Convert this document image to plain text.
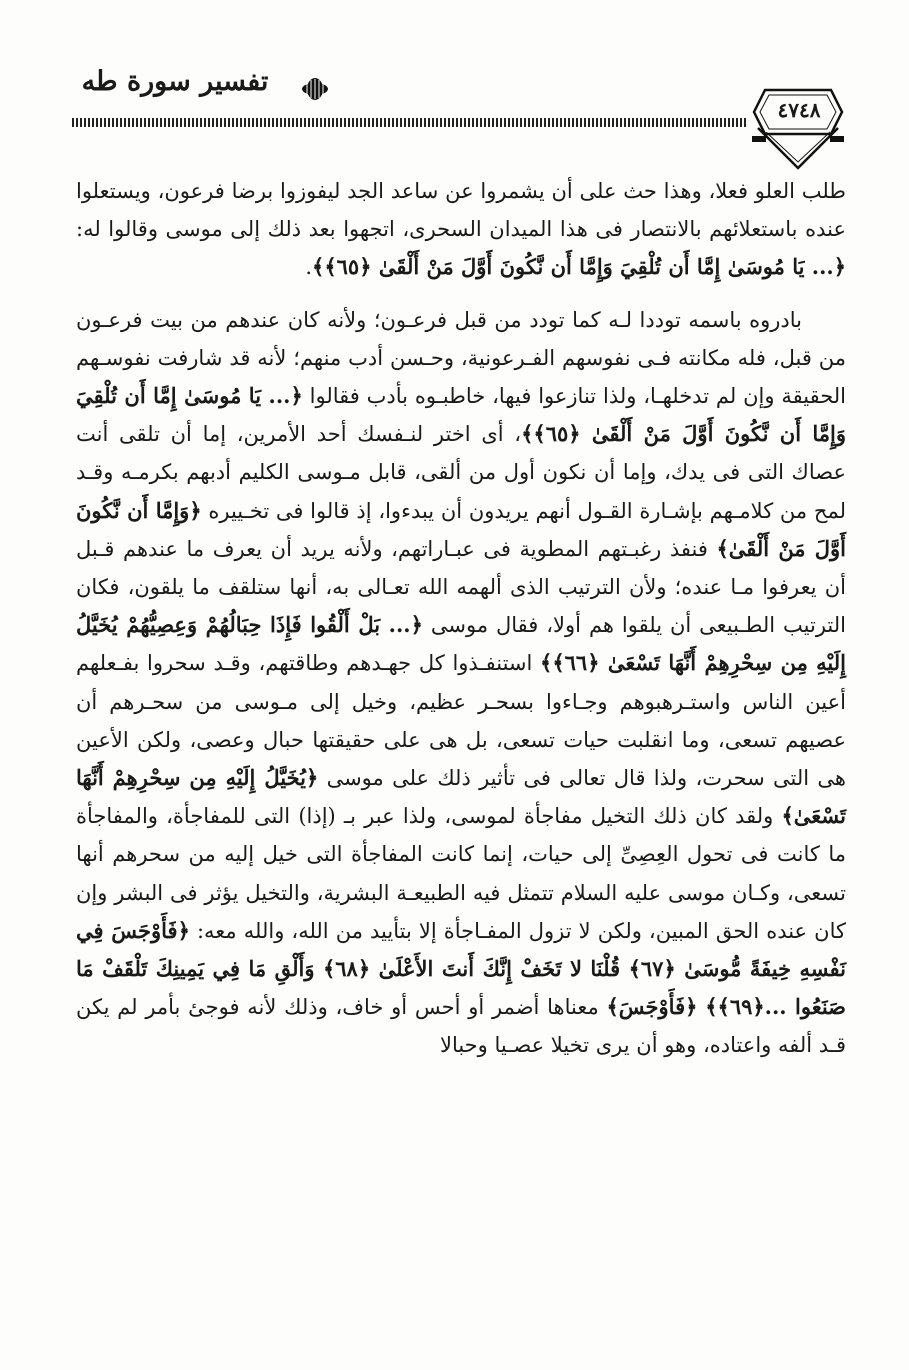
تفسير سورة طه
٤٧٤٨

طلب العلو فعلا، وهذا حث على أن يشمروا عن ساعد الجد ليفوزوا برضا فرعون، ويستعلوا عنده باستعلائهم بالانتصار فى هذا الميدان السحرى، اتجهوا بعد ذلك إلى موسى وقالوا له: ﴿... يَا مُوسَىٰ إِمَّا أَن تُلْقِيَ وَإِمَّا أَن نَّكُونَ أَوَّلَ مَنْ أَلْقَىٰ ﴿٦٥﴾﴾.

بادروه باسمه توددا لـه كما تودد من قبل فرعـون؛ ولأنه كان عندهم من بيت فرعـون من قبل، فله مكانته فـى نفوسهم الفـرعونية، وحـسن أدب منهم؛ لأنه قد شارفت نفوسـهم الحقيقة وإن لم تدخلهـا، ولذا تنازعوا فيها، خاطبـوه بأدب فقالوا ﴿... يَا مُوسَىٰ إِمَّا أَن تُلْقِيَ وَإِمَّا أَن نَّكُونَ أَوَّلَ مَنْ أَلْقَىٰ ﴿٦٥﴾﴾، أى اختر لنـفسك أحد الأمرين، إما أن تلقى أنت عصاك التى فى يدك، وإما أن نكون أول من ألقى، قابل مـوسى الكليم أدبهم بكرمـه وقـد لمح من كلامـهم بإشـارة القـول أنهم يريدون أن يبدءوا، إذ قالوا فى تخـييره ﴿وَإِمَّا أَن نَّكُونَ أَوَّلَ مَنْ أَلْقَىٰ﴾ فنفذ رغبـتهم المطوية فى عبـاراتهم، ولأنه يريد أن يعرف ما عندهم قـبل أن يعرفوا مـا عنده؛ ولأن الترتيب الذى ألهمه الله تعـالى به، أنها ستلقف ما يلقون، فكان الترتيب الطـبيعى أن يلقوا هم أولا، فقال موسى ﴿... بَلْ أَلْقُوا فَإِذَا حِبَالُهُمْ وَعِصِيُّهُمْ يُخَيَّلُ إِلَيْهِ مِن سِحْرِهِمْ أَنَّهَا تَسْعَىٰ ﴿٦٦﴾﴾ استنفـذوا كل جهـدهم وطاقتهم، وقـد سحروا بفـعلهم أعين الناس واستـرهبوهم وجـاءوا بسحـر عظيم، وخيل إلى مـوسى من سحـرهم أن عصيهم تسعى، وما انقلبت حيات تسعى، بل هى على حقيقتها حبال وعصى، ولكن الأعين هى التى سحرت، ولذا قال تعالى فى تأثير ذلك على موسى ﴿يُخَيَّلُ إِلَيْهِ مِن سِحْرِهِمْ أَنَّهَا تَسْعَىٰ﴾ ولقد كان ذلك التخيل مفاجأة لموسى، ولذا عبر بـ (إذا) التى للمفاجأة، والمفاجأة ما كانت فى تحول العِصِىِّ إلى حيات، إنما كانت المفاجأة التى خيل إليه من سحرهم أنها تسعى، وكـان موسى عليه السلام تتمثل فيه الطبيعـة البشرية، والتخيل يؤثر فى البشر وإن كان عنده الحق المبين، ولكن لا تزول المفـاجأة إلا بتأييد من الله، والله معه: ﴿فَأَوْجَسَ فِي نَفْسِهِ خِيفَةً مُّوسَىٰ ﴿٦٧﴾ قُلْنَا لا تَخَفْ إِنَّكَ أَنتَ الأَعْلَىٰ ﴿٦٨﴾ وَأَلْقِ مَا فِي يَمِينِكَ تَلْقَفْ مَا صَنَعُوا ...﴿٦٩﴾﴾ ﴿فَأَوْجَسَ﴾ معناها أضمر أو أحس أو خاف، وذلك لأنه فوجئ بأمر لم يكن قـد ألفه واعتاده، وهو أن يرى تخيلا عصـيا وحبالا
